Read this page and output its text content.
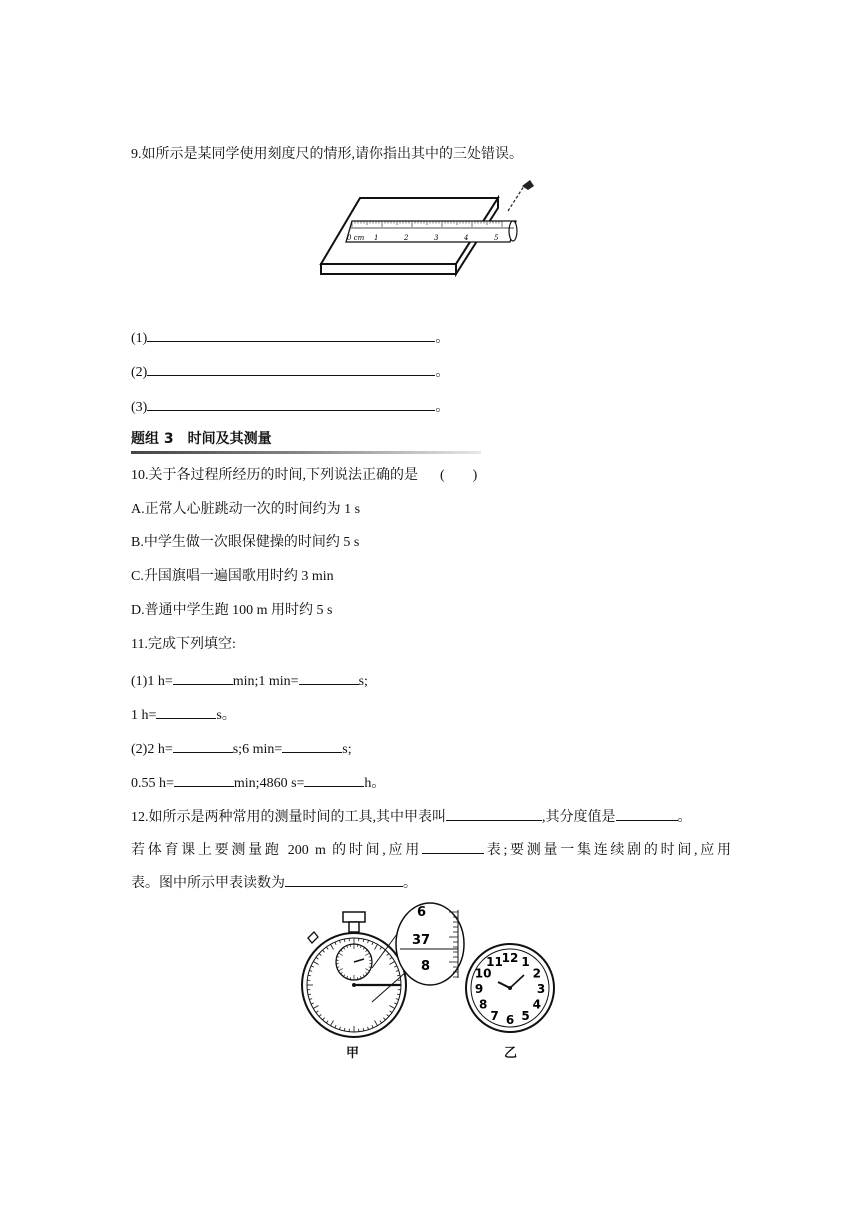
9.如所示是某同学使用刻度尺的情形,请你指出其中的三处错误。
0 cm 1	2	3	4	5
(1)	。
(2)	。
(3)	。
题组 3　时间及其测量
10.关于各过程所经历的时间,下列说法正确的是 (　　)
A.正常人心脏跳动一次的时间约为 1 s
B.中学生做一次眼保健操的时间约 5 s
C.升国旗唱一遍国歌用时约 3 min
D.普通中学生跑 100 m 用时约 5 s
11.完成下列填空:
(1)1 h=	min;1 min=	s;
1 h=	s。
(2)2 h=	s;6 min=	s;
0.55 h=	min;4860 s=	h。
12.如所示是两种常用的测量时间的工具,其中甲表叫	,其分度值是	。
若体育课上要测量跑 200 m 的时间,应用	表;要测量一集连续剧的时间,应用
表。图中所示甲表读数为	。
6
37
8
12 1
2
3
4
5
6
7
8
9
10
11
甲	乙
